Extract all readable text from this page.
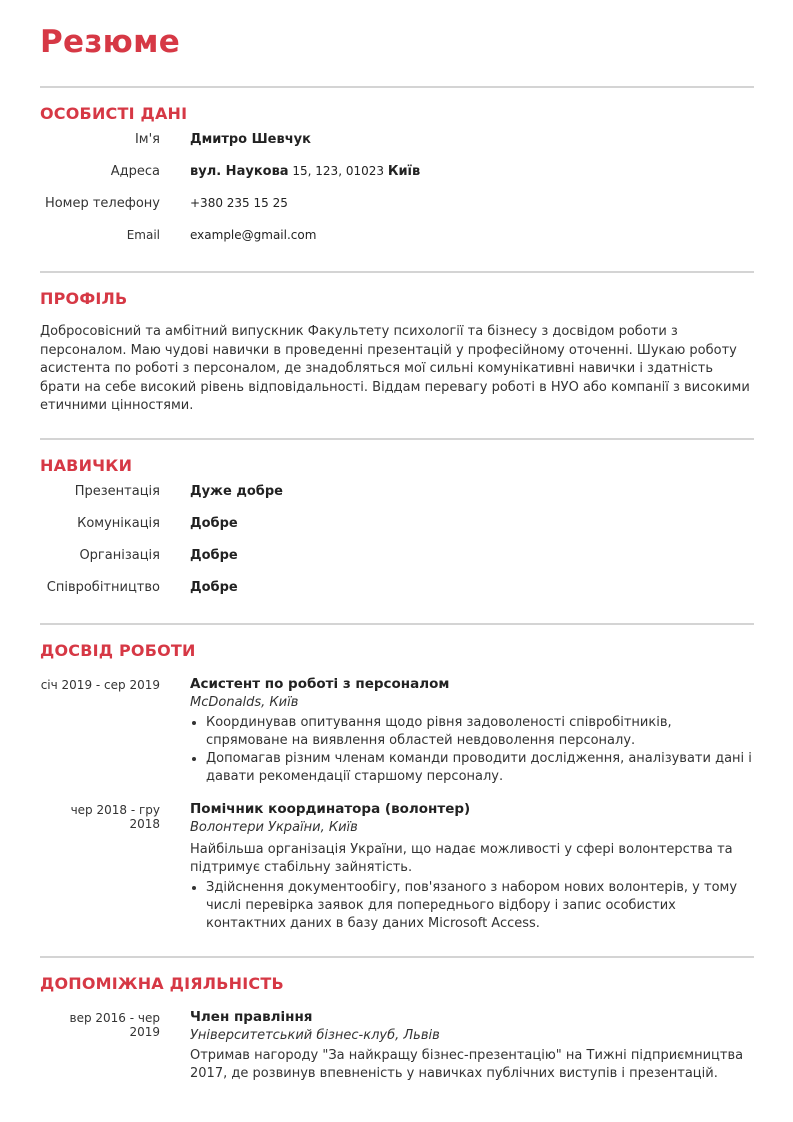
Резюме
ОСОБИСТІ ДАНІ
Ім'я Дмитро Шевчук
Адреса вул. Наукова 15, 123, 01023 Київ
Номер телефону	+380 235 15 25
Email	example@gmail.com
ПРОФІЛЬ
Добросовісний та амбітний випускник Факультету психології та бізнесу з досвідом роботи з персоналом. Маю чудові навички в проведенні презентацій у професійному оточенні. Шукаю роботу асистента по роботі з персоналом, де знадобляться мої сильні комунікативні навички і здатність брати на себе високий рівень відповідальності. Віддам перевагу роботі в НУО або компанії з високими етичними цінностями.
НАВИЧКИ
Презентація Дуже добре
Комунікація Добре
Організація Добре
Співробітництво Добре
ДОСВІД РОБОТИ
січ 2019 - сер 2019 Асистент по роботі з персоналом
McDonalds, Київ
• Координував опитування щодо рівня задоволеності співробітників, спрямоване на виявлення областей невдоволення персоналу.
• Допомагав різним членам команди проводити дослідження, аналізувати дані і давати рекомендації старшому персоналу.
чер 2018 - гру 2018
Помічник координатора (волонтер)
Волонтери України, Київ
Найбільша організація України, що надає можливості у сфері волонтерства та підтримує стабільну зайнятість.
• Здійснення документообігу, пов'язаного з набором нових волонтерів, у тому числі перевірка заявок для попереднього відбору і запис особистих контактних даних в базу даних Microsoft Access.
ДОПОМІЖНА ДІЯЛЬНІСТЬ
вер 2016 - чер 2019
Член правління
Університетський бізнес-клуб, Львів
Отримав нагороду "За найкращу бізнес-презентацію" на Тижні підприємництва 2017, де розвинув впевненість у навичках публічних виступів і презентацій.
